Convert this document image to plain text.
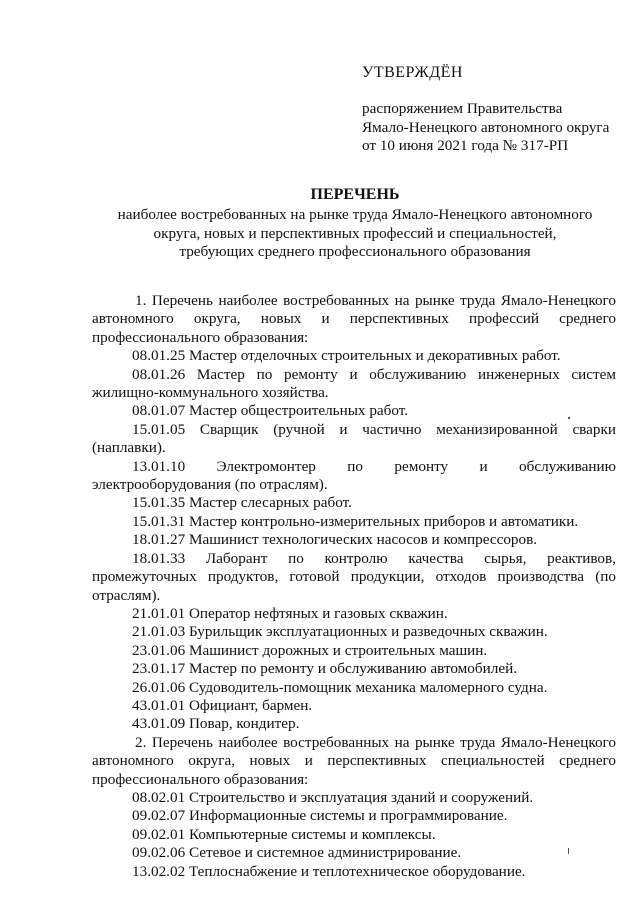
УТВЕРЖДЁН
распоряжением Правительства
Ямало-Ненецкого автономного округа
от 10 июня 2021 года № 317-РП
ПЕРЕЧЕНЬ
наиболее востребованных на рынке труда Ямало-Ненецкого автономного
округа, новых и перспективных профессий и специальностей,
требующих среднего профессионального образования
1. Перечень наиболее востребованных на рынке труда Ямало-Ненецкого автономного округа, новых и перспективных профессий среднего профессионального образования:
08.01.25 Мастер отделочных строительных и декоративных работ.
08.01.26 Мастер по ремонту и обслуживанию инженерных систем жилищно-коммунального хозяйства.
08.01.07 Мастер общестроительных работ.
15.01.05 Сварщик (ручной и частично механизированной сварки (наплавки).
13.01.10 Электромонтер по ремонту и обслуживанию электрооборудования (по отраслям).
15.01.35 Мастер слесарных работ.
15.01.31 Мастер контрольно-измерительных приборов и автоматики.
18.01.27 Машинист технологических насосов и компрессоров.
18.01.33 Лаборант по контролю качества сырья, реактивов, промежуточных продуктов, готовой продукции, отходов производства (по отраслям).
21.01.01 Оператор нефтяных и газовых скважин.
21.01.03 Бурильщик эксплуатационных и разведочных скважин.
23.01.06 Машинист дорожных и строительных машин.
23.01.17 Мастер по ремонту и обслуживанию автомобилей.
26.01.06 Судоводитель-помощник механика маломерного судна.
43.01.01 Официант, бармен.
43.01.09 Повар, кондитер.
2. Перечень наиболее востребованных на рынке труда Ямало-Ненецкого автономного округа, новых и перспективных специальностей среднего профессионального образования:
08.02.01 Строительство и эксплуатация зданий и сооружений.
09.02.07 Информационные системы и программирование.
09.02.01 Компьютерные системы и комплексы.
09.02.06 Сетевое и системное администрирование.
13.02.02 Теплоснабжение и теплотехническое оборудование.
